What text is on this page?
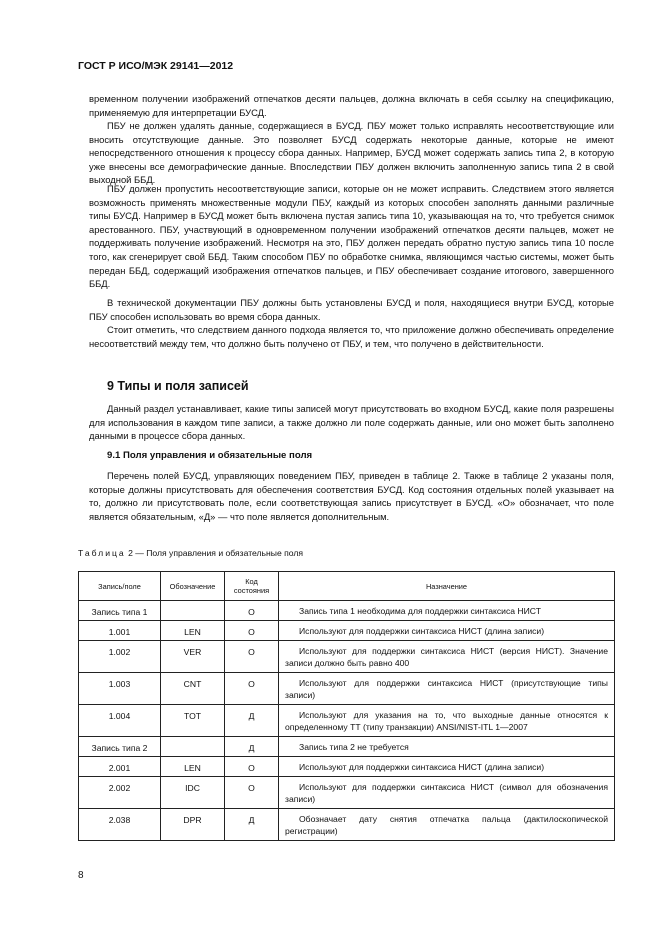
ГОСТ Р ИСО/МЭК 29141—2012

временном получении изображений отпечатков десяти пальцев, должна включать в себя ссылку на спецификацию, применяемую для интерпретации БУСД.

ПБУ не должен удалять данные, содержащиеся в БУСД. ПБУ может только исправлять несоответствующие или вносить отсутствующие данные. Это позволяет БУСД содержать некоторые данные, которые не имеют непосредственного отношения к процессу сбора данных. Например, БУСД может содержать запись типа 2, в которую уже внесены все демографические данные. Впоследствии ПБУ должен включить заполненную запись типа 2 в свой выходной ББД.

ПБУ должен пропустить несоответствующие записи, которые он не может исправить. Следствием этого является возможность применять множественные модули ПБУ, каждый из которых способен заполнять данными различные типы БУСД. Например в БУСД может быть включена пустая запись типа 10, указывающая на то, что требуется снимок арестованного. ПБУ, участвующий в одновременном получении изображений отпечатков десяти пальцев, может не поддерживать получение изображений. Несмотря на это, ПБУ должен передать обратно пустую запись типа 10 после того, как сгенерирует свой ББД. Таким способом ПБУ по обработке снимка, являющимся частью системы, может быть передан ББД, содержащий изображения отпечатков пальцев, и ПБУ обеспечивает создание итогового, завершенного ББД.

В технической документации ПБУ должны быть установлены БУСД и поля, находящиеся внутри БУСД, которые ПБУ способен использовать во время сбора данных.

Стоит отметить, что следствием данного подхода является то, что приложение должно обеспечивать определение несоответствий между тем, что должно быть получено от ПБУ, и тем, что получено в действительности.

9 Типы и поля записей

Данный раздел устанавливает, какие типы записей могут присутствовать во входном БУСД, какие поля разрешены для использования в каждом типе записи, а также должно ли поле содержать данные, или оно может быть заполнено данными в процессе сбора данных.

9.1 Поля управления и обязательные поля

Перечень полей БУСД, управляющих поведением ПБУ, приведен в таблице 2. Также в таблице 2 указаны поля, которые должны присутствовать для обеспечения соответствия БУСД. Код состояния отдельных полей указывает на то, должно ли присутствовать поле, если соответствующая запись присутствует в БУСД. «О» обозначает, что поле является обязательным, «Д» — что поле является дополнительным.

Таблица 2 — Поля управления и обязательные поля
Запись/поле	Обозначение	Код состояния	Назначение
Запись типа 1		О	Запись типа 1 необходима для поддержки синтаксиса НИСТ
1.001	LEN	О	Используют для поддержки синтаксиса НИСТ (длина записи)
1.002	VER	О	Используют для поддержки синтаксиса НИСТ (версия НИСТ). Значение записи должно быть равно 400
1.003	CNT	О	Используют для поддержки синтаксиса НИСТ (присутствующие типы записи)
1.004	TOT	Д	Используют для указания на то, что выходные данные относятся к определенному ТТ (типу транзакции) ANSI/NIST-ITL 1—2007
Запись типа 2		Д	Запись типа 2 не требуется
2.001	LEN	О	Используют для поддержки синтаксиса НИСТ (длина записи)
2.002	IDC	О	Используют для поддержки синтаксиса НИСТ (символ для обозначения записи)
2.038	DPR	Д	Обозначает дату снятия отпечатка пальца (дактилоскопической регистрации)
8
